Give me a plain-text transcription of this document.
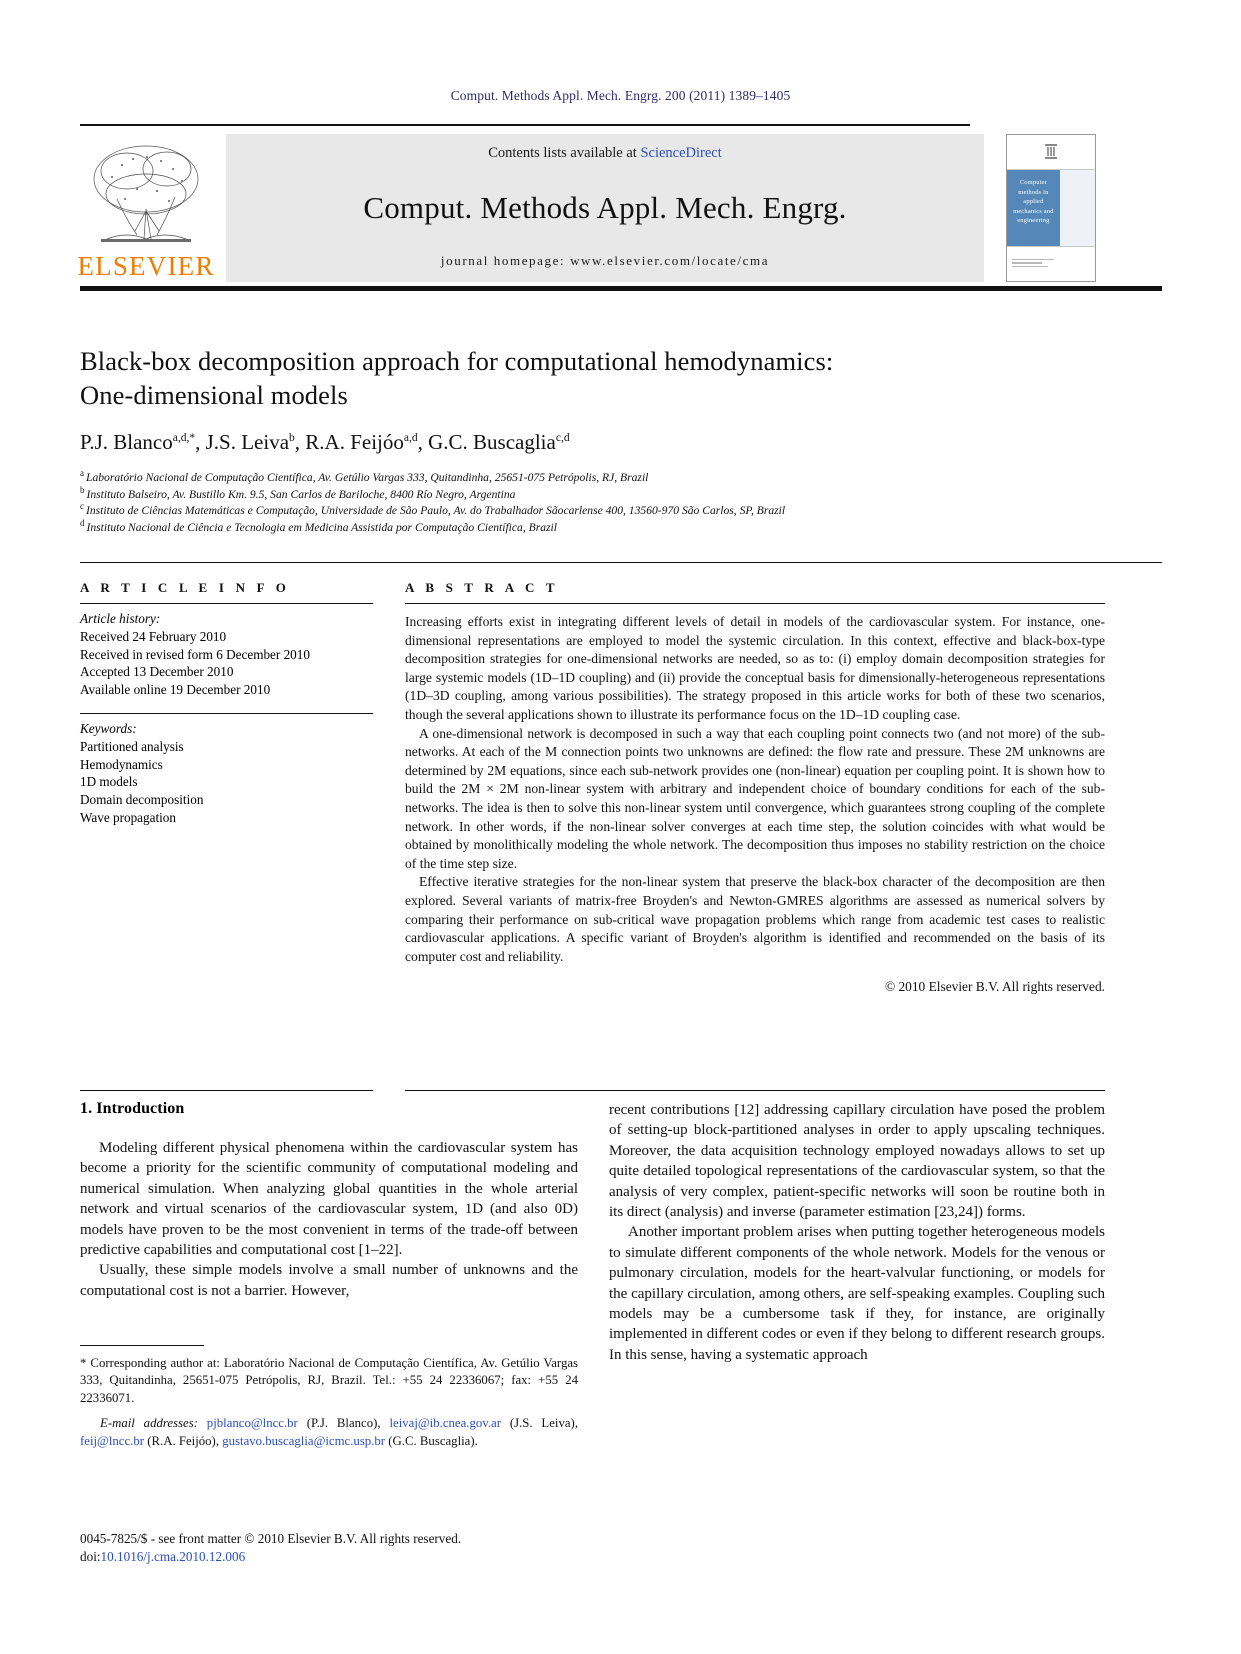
Comput. Methods Appl. Mech. Engrg. 200 (2011) 1389–1405
ELSEVIER
Contents lists available at ScienceDirect
Comput. Methods Appl. Mech. Engrg.
journal homepage: www.elsevier.com/locate/cma
Computer methods in applied mechanics and engineering
Black-box decomposition approach for computational hemodynamics:
One-dimensional models
P.J. Blanco$^{a,d,*}$, J.S. Leiva$^b$, R.A. Feijóo$^{a,d}$, G.C. Buscaglia$^{c,d}$
$^a$ Laboratório Nacional de Computação Científica, Av. Getúlio Vargas 333, Quitandinha, 25651-075 Petrópolis, RJ, Brazil
$^b$ Instituto Balseiro, Av. Bustillo Km. 9.5, San Carlos de Bariloche, 8400 Río Negro, Argentina
$^c$ Instituto de Ciências Matemáticas e Computação, Universidade de São Paulo, Av. do Trabalhador Sãocarlense 400, 13560-970 São Carlos, SP, Brazil
$^d$ Instituto Nacional de Ciência e Tecnologia em Medicina Assistida por Computação Científica, Brazil
A R T I C L E I N F O
Article history:
Received 24 February 2010
Received in revised form 6 December 2010
Accepted 13 December 2010
Available online 19 December 2010
Keywords:
Partitioned analysis
Hemodynamics
1D models
Domain decomposition
Wave propagation
A B S T R A C T

Increasing efforts exist in integrating different levels of detail in models of the cardiovascular system. For instance, one-dimensional representations are employed to model the systemic circulation. In this context, effective and black-box-type decomposition strategies for one-dimensional networks are needed, so as to: (i) employ domain decomposition strategies for large systemic models (1D–1D coupling) and (ii) provide the conceptual basis for dimensionally-heterogeneous representations (1D–3D coupling, among various possibilities). The strategy proposed in this article works for both of these two scenarios, though the several applications shown to illustrate its performance focus on the 1D–1D coupling case.

A one-dimensional network is decomposed in such a way that each coupling point connects two (and not more) of the sub-networks. At each of the M connection points two unknowns are defined: the flow rate and pressure. These 2M unknowns are determined by 2M equations, since each sub-network provides one (non-linear) equation per coupling point. It is shown how to build the 2M × 2M non-linear system with arbitrary and independent choice of boundary conditions for each of the sub-networks. The idea is then to solve this non-linear system until convergence, which guarantees strong coupling of the complete network. In other words, if the non-linear solver converges at each time step, the solution coincides with what would be obtained by monolithically modeling the whole network. The decomposition thus imposes no stability restriction on the choice of the time step size.

Effective iterative strategies for the non-linear system that preserve the black-box character of the decomposition are then explored. Several variants of matrix-free Broyden's and Newton-GMRES algorithms are assessed as numerical solvers by comparing their performance on sub-critical wave propagation problems which range from academic test cases to realistic cardiovascular applications. A specific variant of Broyden's algorithm is identified and recommended on the basis of its computer cost and reliability.

© 2010 Elsevier B.V. All rights reserved.
1. Introduction

Modeling different physical phenomena within the cardiovascular system has become a priority for the scientific community of computational modeling and numerical simulation. When analyzing global quantities in the whole arterial network and virtual scenarios of the cardiovascular system, 1D (and also 0D) models have proven to be the most convenient in terms of the trade-off between predictive capabilities and computational cost [1–22].

Usually, these simple models involve a small number of unknowns and the computational cost is not a barrier. However,

recent contributions [12] addressing capillary circulation have posed the problem of setting-up block-partitioned analyses in order to apply upscaling techniques. Moreover, the data acquisition technology employed nowadays allows to set up quite detailed topological representations of the cardiovascular system, so that the analysis of very complex, patient-specific networks will soon be routine both in its direct (analysis) and inverse (parameter estimation [23,24]) forms.

Another important problem arises when putting together heterogeneous models to simulate different components of the whole network. Models for the venous or pulmonary circulation, models for the heart-valvular functioning, or models for the capillary circulation, among others, are self-speaking examples. Coupling such models may be a cumbersome task if they, for instance, are originally implemented in different codes or even if they belong to different research groups. In this sense, having a systematic approach

* Corresponding author at: Laboratório Nacional de Computação Científica, Av. Getúlio Vargas 333, Quitandinha, 25651-075 Petrópolis, RJ, Brazil. Tel.: +55 24 22336067; fax: +55 24 22336071.

E-mail addresses: pjblanco@lncc.br (P.J. Blanco), leivaj@ib.cnea.gov.ar (J.S. Leiva), feij@lncc.br (R.A. Feijóo), gustavo.buscaglia@icmc.usp.br (G.C. Buscaglia).

0045-7825/$ - see front matter © 2010 Elsevier B.V. All rights reserved.
doi:10.1016/j.cma.2010.12.006
